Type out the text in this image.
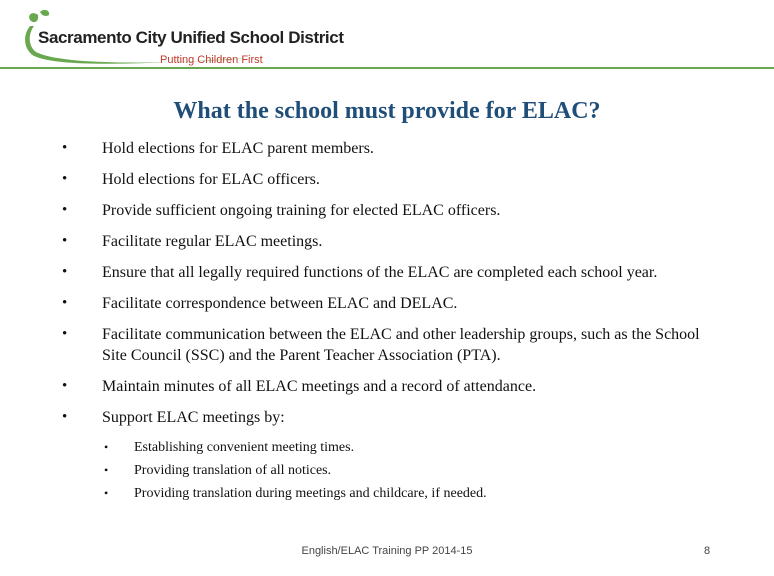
Sacramento City Unified School District
Putting Children First
What the school must provide for ELAC?
•	Hold elections for ELAC parent members.
•	Hold elections for ELAC officers.
•	Provide sufficient ongoing training for elected ELAC officers.
•	Facilitate regular ELAC meetings.
•	Ensure that all legally required functions of the ELAC are completed each school year.
•	Facilitate correspondence between ELAC and DELAC.
•	Facilitate communication between the ELAC and other leadership groups, such as the School Site Council (SSC) and the Parent Teacher Association (PTA).
•	Maintain minutes of all ELAC meetings and a record of attendance.
•	Support ELAC meetings by:
•	Establishing convenient meeting times.
•	Providing translation of all notices.
•	Providing translation during meetings and childcare, if needed.
English/ELAC Training PP 2014-15	8
